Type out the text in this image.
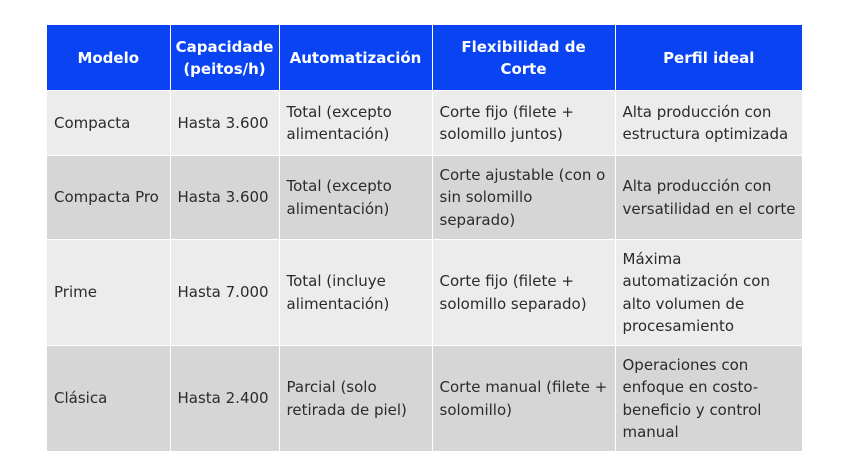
Modelo	Capacidade (peitos/h)	Automatización	Flexibilidad de Corte	Perfil ideal
Compacta	Hasta 3.600	Total (excepto alimentación)	Corte fijo (filete + solomillo juntos)	Alta producción con estructura optimizada
Compacta Pro	Hasta 3.600	Total (excepto alimentación)	Corte ajustable (con o sin solomillo separado)	Alta producción con versatilidad en el corte
Prime	Hasta 7.000	Total (incluye alimentación)	Corte fijo (filete + solomillo separado)	Máxima automatización con alto volumen de procesamiento
Clásica	Hasta 2.400	Parcial (solo retirada de piel)	Corte manual (filete + solomillo)	Operaciones con enfoque en costo-beneficio y control manual
